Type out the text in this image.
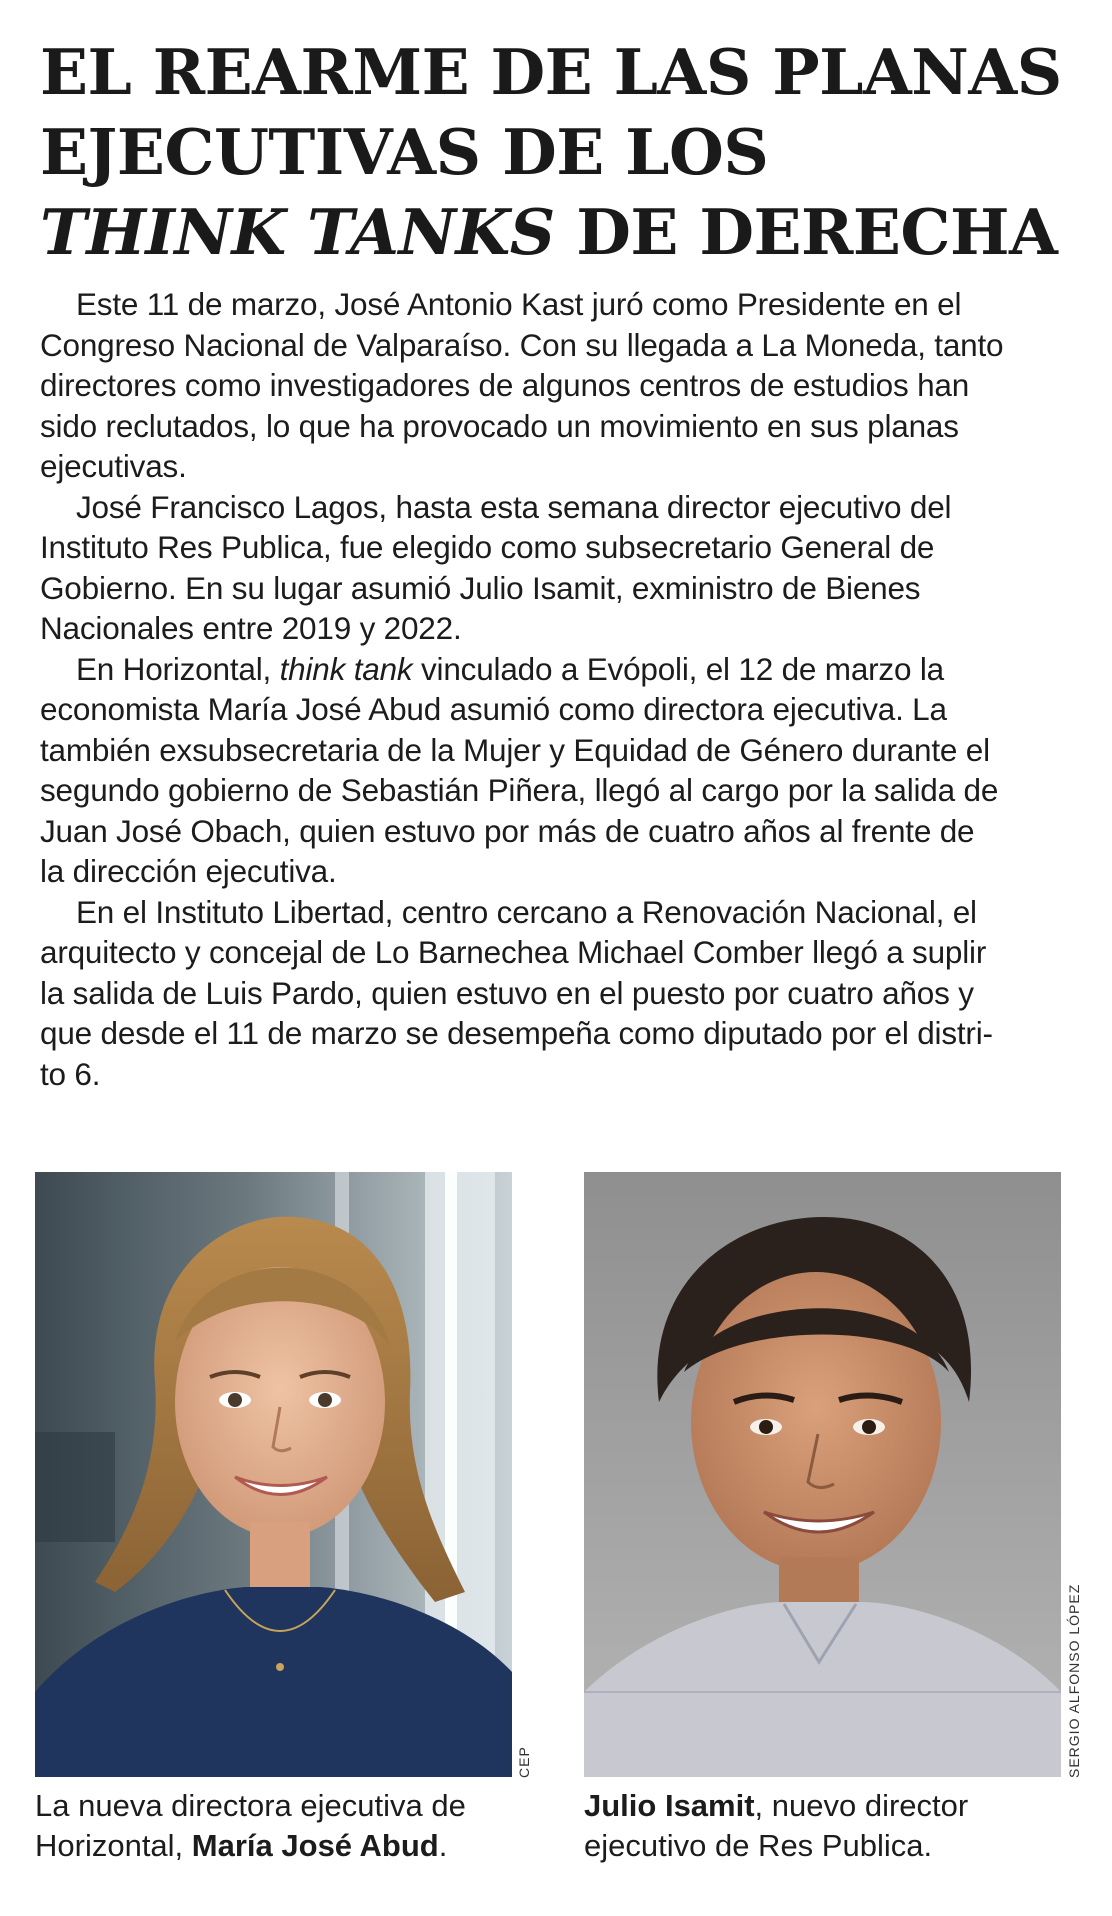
EL REARME DE LAS PLANAS
EJECUTIVAS DE LOS
THINK TANKS DE DERECHA

Este 11 de marzo, José Antonio Kast juró como Presidente en el
Congreso Nacional de Valparaíso. Con su llegada a La Moneda, tanto
directores como investigadores de algunos centros de estudios han
sido reclutados, lo que ha provocado un movimiento en sus planas
ejecutivas.

José Francisco Lagos, hasta esta semana director ejecutivo del
Instituto Res Publica, fue elegido como subsecretario General de
Gobierno. En su lugar asumió Julio Isamit, exministro de Bienes
Nacionales entre 2019 y 2022.

En Horizontal, think tank vinculado a Evópoli, el 12 de marzo la
economista María José Abud asumió como directora ejecutiva. La
también exsubsecretaria de la Mujer y Equidad de Género durante el
segundo gobierno de Sebastián Piñera, llegó al cargo por la salida de
Juan José Obach, quien estuvo por más de cuatro años al frente de
la dirección ejecutiva.

En el Instituto Libertad, centro cercano a Renovación Nacional, el
arquitecto y concejal de Lo Barnechea Michael Comber llegó a suplir
la salida de Luis Pardo, quien estuvo en el puesto por cuatro años y
que desde el 11 de marzo se desempeña como diputado por el distri-
to 6.

CEP	SERGIO ALFONSO LÓPEZ
La nueva directora ejecutiva de
Horizontal, María José Abud.
Julio Isamit, nuevo director
ejecutivo de Res Publica.
